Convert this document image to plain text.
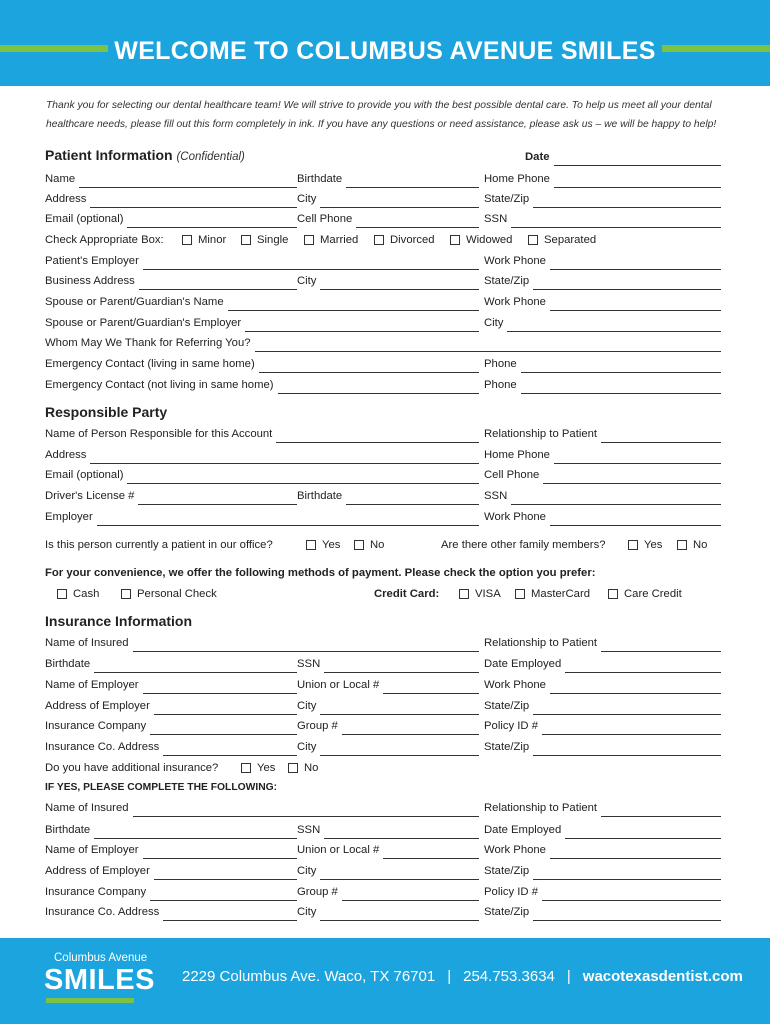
WELCOME TO COLUMBUS AVENUE SMILES
Thank you for selecting our dental healthcare team! We will strive to provide you with the best possible dental care. To help us meet all your dental
healthcare needs, please fill out this form completely in ink. If you have any questions or need assistance, please ask us – we will be happy to help!
Patient Information (Confidential)	Date
Name	Birthdate	Home Phone
Address	City	State/Zip
Email (optional)	Cell Phone	SSN
Check Appropriate Box:	Minor	Single	Married	Divorced	Widowed	Separated
Patient's Employer	Work Phone
Business Address	City	State/Zip
Spouse or Parent/Guardian's Name	Work Phone
Spouse or Parent/Guardian's Employer	City
Whom May We Thank for Referring You?
Emergency Contact (living in same home)	Phone
Emergency Contact (not living in same home)	Phone
Responsible Party
Name of Person Responsible for this Account	Relationship to Patient
Address	Home Phone
Email (optional)	Cell Phone
Driver's License #	Birthdate	SSN
Employer	Work Phone
Is this person currently a patient in our office?	Yes	No	Are there other family members?	Yes	No
For your convenience, we offer the following methods of payment. Please check the option you prefer:
Cash	Personal Check	Credit Card:	VISA	MasterCard	Care Credit
Insurance Information
Name of Insured	Relationship to Patient
Birthdate	SSN	Date Employed
Name of Employer	Union or Local #	Work Phone
Address of Employer	City	State/Zip
Insurance Company	Group #	Policy ID #
Insurance Co. Address	City	State/Zip
Do you have additional insurance?	Yes	No
IF YES, PLEASE COMPLETE THE FOLLOWING:
Name of Insured	Relationship to Patient
Birthdate	SSN	Date Employed
Name of Employer	Union or Local #	Work Phone
Address of Employer	City	State/Zip
Insurance Company	Group #	Policy ID #
Insurance Co. Address	City	State/Zip
Columbus Avenue
SMILES 2229 Columbus Ave. Waco, TX 76701 | 254.753.3634 | wacotexasdentist.com
